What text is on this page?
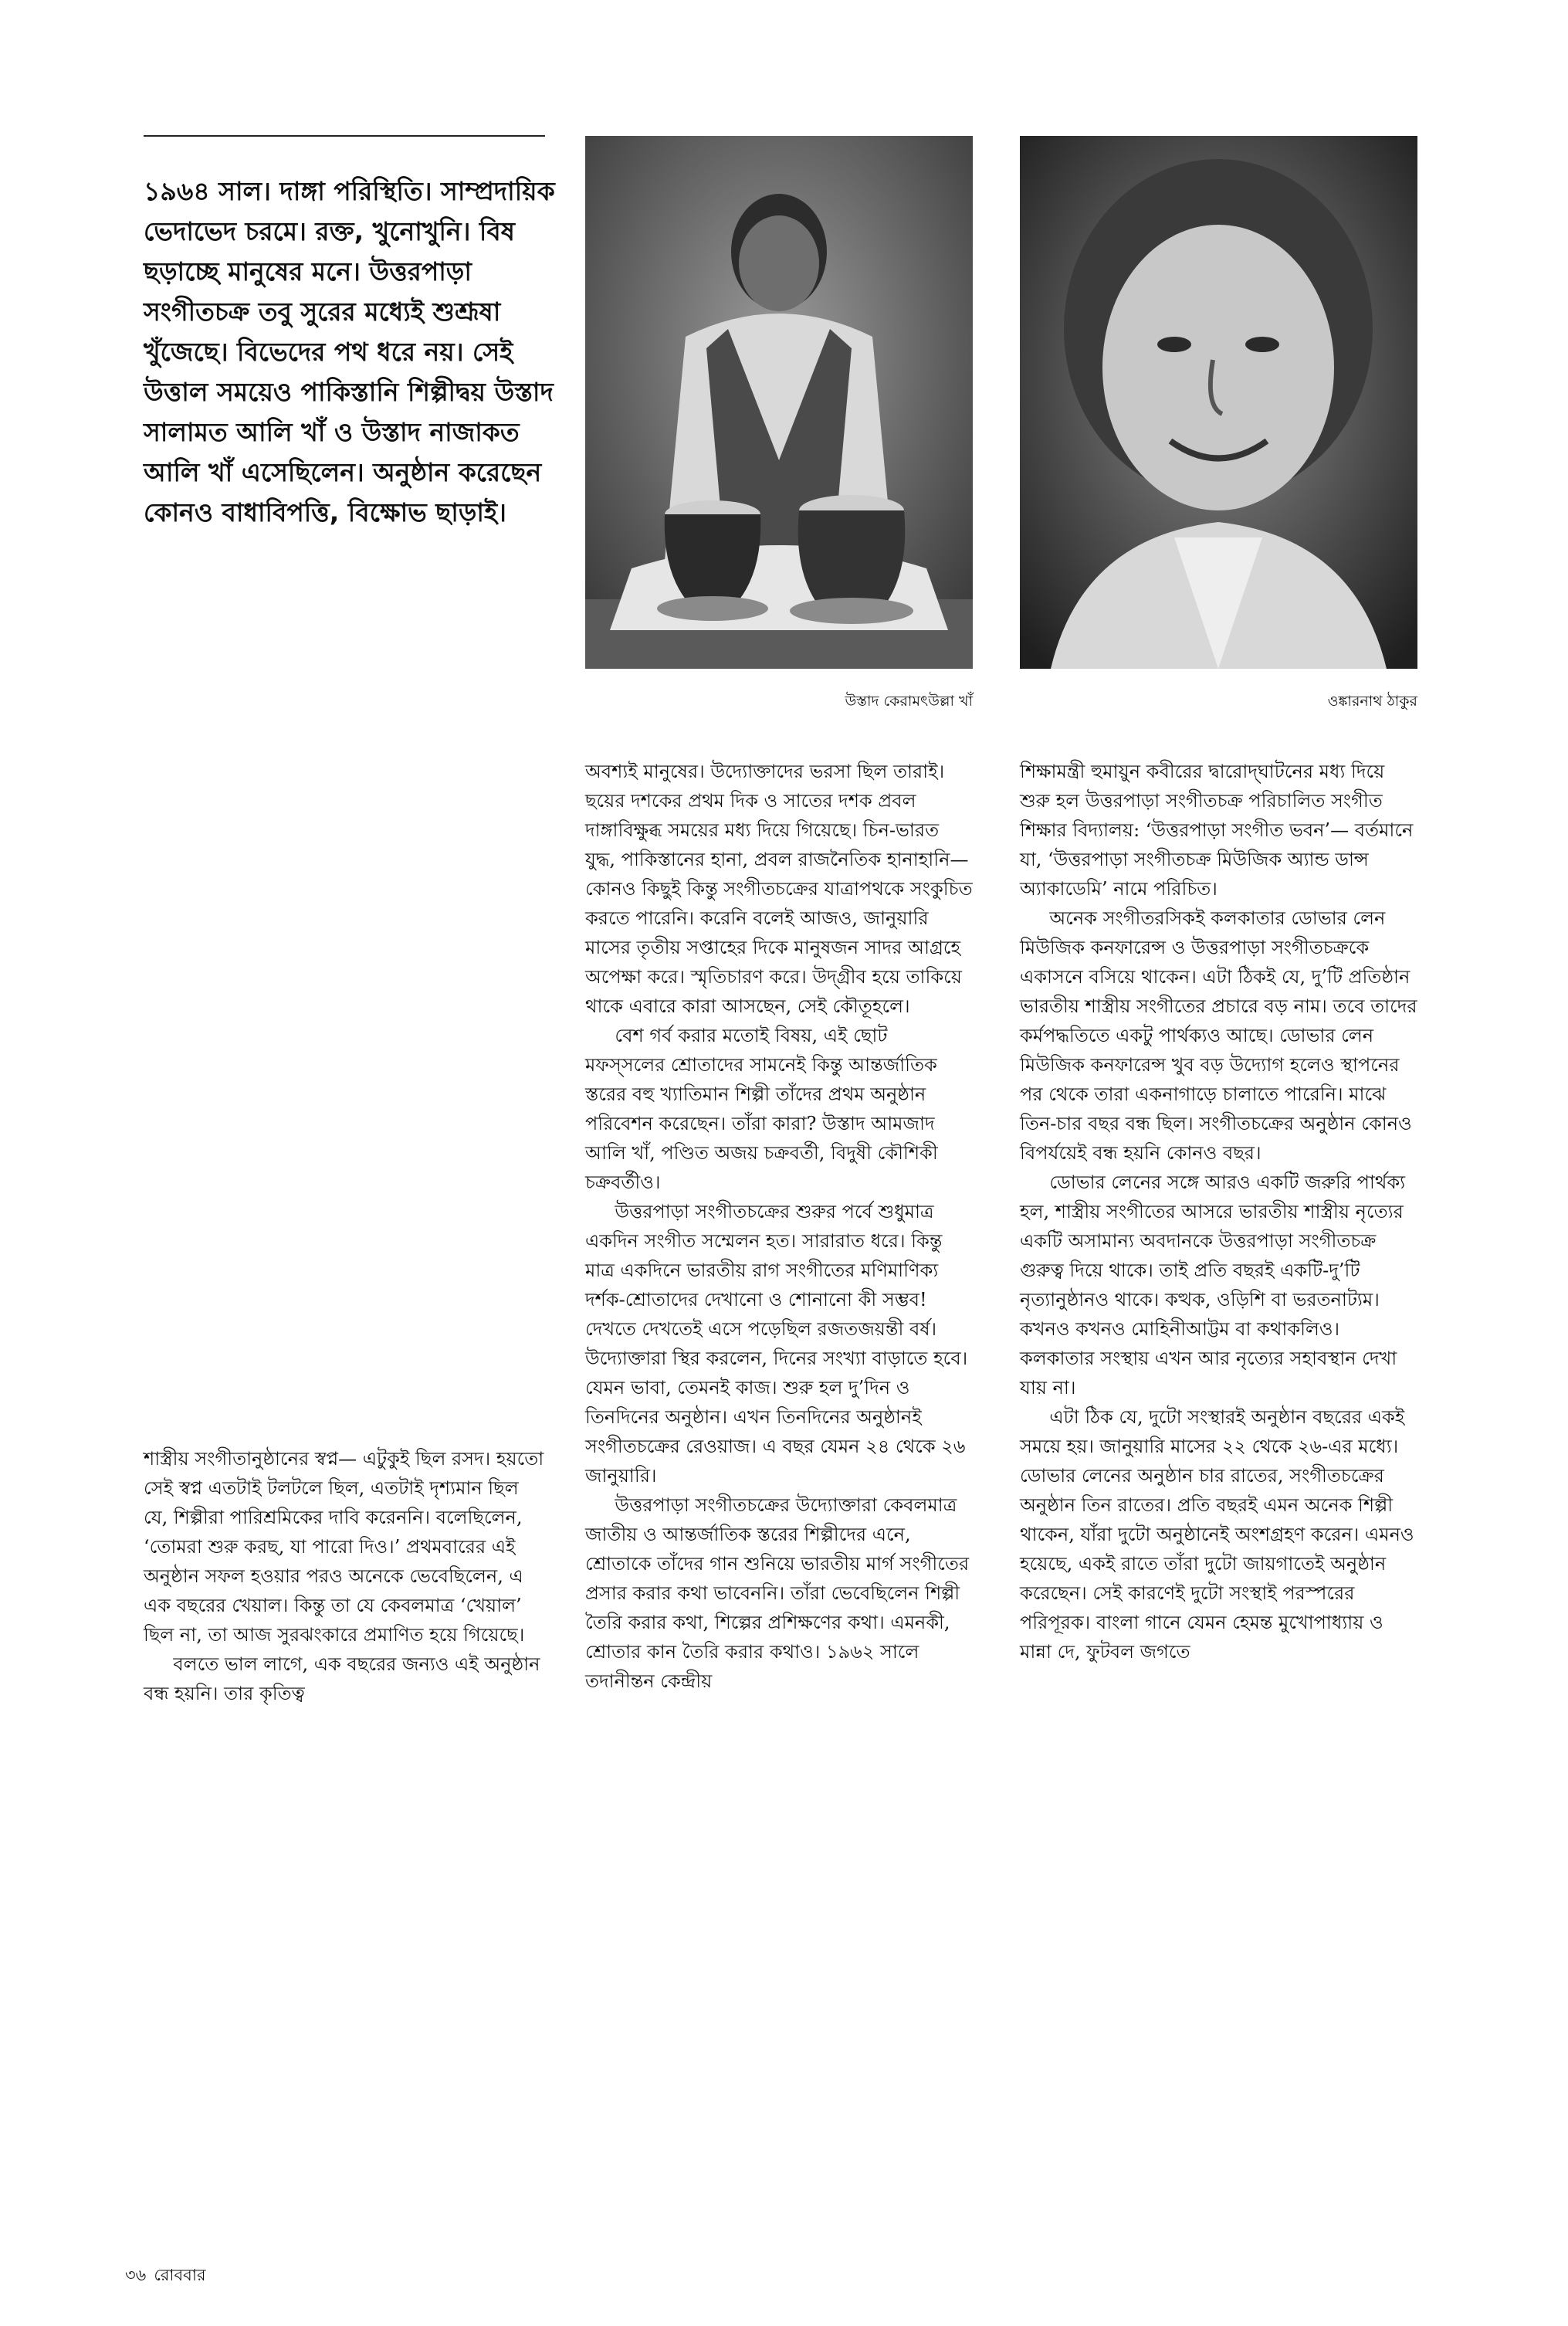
১৯৬৪ সাল। দাঙ্গা পরিস্থিতি। সাম্প্রদায়িক ভেদাভেদ চরমে। রক্ত, খুনোখুনি। বিষ ছড়াচ্ছে মানুষের মনে। উত্তরপাড়া সংগীতচক্র তবু সুরের মধ্যেই শুশ্রূষা খুঁজেছে। বিভেদের পথ ধরে নয়। সেই উত্তাল সময়েও পাকিস্তানি শিল্পীদ্বয় উস্তাদ সালামত আলি খাঁ ও উস্তাদ নাজাকত আলি খাঁ এসেছিলেন। অনুষ্ঠান করেছেন কোনও বাধাবিপত্তি, বিক্ষোভ ছাড়াই।

উস্তাদ কেরামৎউল্লা খাঁ	ওঙ্কারনাথ ঠাকুর

শাস্ত্রীয় সংগীতানুষ্ঠানের স্বপ্ন— এটুকুই ছিল রসদ। হয়তো সেই স্বপ্ন এতটাই টলটলে ছিল, এতটাই দৃশ্যমান ছিল যে, শিল্পীরা পারিশ্রমিকের দাবি করেননি। বলেছিলেন, ‘তোমরা শুরু করছ, যা পারো দিও।’ প্রথমবারের এই অনুষ্ঠান সফল হওয়ার পরও অনেকে ভেবেছিলেন, এ এক বছরের খেয়াল। কিন্তু তা যে কেবলমাত্র ‘খেয়াল’ ছিল না, তা আজ সুরঝংকারে প্রমাণিত হয়ে গিয়েছে।

বলতে ভাল লাগে, এক বছরের জন্যও এই অনুষ্ঠান বন্ধ হয়নি। তার কৃতিত্ব

অবশ্যই মানুষের। উদ্যোক্তাদের ভরসা ছিল তারাই। ছয়ের দশকের প্রথম দিক ও সাতের দশক প্রবল দাঙ্গাবিক্ষুব্ধ সময়ের মধ্য দিয়ে গিয়েছে। চিন-ভারত যুদ্ধ, পাকিস্তানের হানা, প্রবল রাজনৈতিক হানাহানি— কোনও কিছুই কিন্তু সংগীতচক্রের যাত্রাপথকে সংকুচিত করতে পারেনি। করেনি বলেই আজও, জানুয়ারি মাসের তৃতীয় সপ্তাহের দিকে মানুষজন সাদর আগ্রহে অপেক্ষা করে। স্মৃতিচারণ করে। উদ্গ্রীব হয়ে তাকিয়ে থাকে এবারে কারা আসছেন, সেই কৌতূহলে।

বেশ গর্ব করার মতোই বিষয়, এই ছোট মফস্সলের শ্রোতাদের সামনেই কিন্তু আন্তর্জাতিক স্তরের বহু খ্যাতিমান শিল্পী তাঁদের প্রথম অনুষ্ঠান পরিবেশন করেছেন। তাঁরা কারা? উস্তাদ আমজাদ আলি খাঁ, পণ্ডিত অজয় চক্রবর্তী, বিদুষী কৌশিকী চক্রবর্তীও।

উত্তরপাড়া সংগীতচক্রের শুরুর পর্বে শুধুমাত্র একদিন সংগীত সম্মেলন হত। সারারাত ধরে। কিন্তু মাত্র একদিনে ভারতীয় রাগ সংগীতের মণিমাণিক্য দর্শক-শ্রোতাদের দেখানো ও শোনানো কী সম্ভব! দেখতে দেখতেই এসে পড়েছিল রজতজয়ন্তী বর্ষ। উদ্যোক্তারা স্থির করলেন, দিনের সংখ্যা বাড়াতে হবে। যেমন ভাবা, তেমনই কাজ। শুরু হল দু’দিন ও তিনদিনের অনুষ্ঠান। এখন তিনদিনের অনুষ্ঠানই সংগীতচক্রের রেওয়াজ। এ বছর যেমন ২৪ থেকে ২৬ জানুয়ারি।

উত্তরপাড়া সংগীতচক্রের উদ্যোক্তারা কেবলমাত্র জাতীয় ও আন্তর্জাতিক স্তরের শিল্পীদের এনে, শ্রোতাকে তাঁদের গান শুনিয়ে ভারতীয় মার্গ সংগীতের প্রসার করার কথা ভাবেননি। তাঁরা ভেবেছিলেন শিল্পী তৈরি করার কথা, শিল্পের প্রশিক্ষণের কথা। এমনকী, শ্রোতার কান তৈরি করার কথাও। ১৯৬২ সালে তদানীন্তন কেন্দ্রীয়

শিক্ষামন্ত্রী হুমায়ুন কবীরের দ্বারোদ্‌ঘাটনের মধ্য দিয়ে শুরু হল উত্তরপাড়া সংগীতচক্র পরিচালিত সংগীত শিক্ষার বিদ্যালয়: ‘উত্তরপাড়া সংগীত ভবন’— বর্তমানে যা, ‘উত্তরপাড়া সংগীতচক্র মিউজিক অ্যান্ড ডান্স অ্যাকাডেমি’ নামে পরিচিত।

অনেক সংগীতরসিকই কলকাতার ডোভার লেন মিউজিক কনফারেন্স ও উত্তরপাড়া সংগীতচক্রকে একাসনে বসিয়ে থাকেন। এটা ঠিকই যে, দু’টি প্রতিষ্ঠান ভারতীয় শাস্ত্রীয় সংগীতের প্রচারে বড় নাম। তবে তাদের কর্মপদ্ধতিতে একটু পার্থক্যও আছে। ডোভার লেন মিউজিক কনফারেন্স খুব বড় উদ্যোগ হলেও স্থাপনের পর থেকে তারা একনাগাড়ে চালাতে পারেনি। মাঝে তিন-চার বছর বন্ধ ছিল। সংগীতচক্রের অনুষ্ঠান কোনও বিপর্যয়েই বন্ধ হয়নি কোনও বছর।

ডোভার লেনের সঙ্গে আরও একটি জরুরি পার্থক্য হল, শাস্ত্রীয় সংগীতের আসরে ভারতীয় শাস্ত্রীয় নৃত্যের একটি অসামান্য অবদানকে উত্তরপাড়া সংগীতচক্র গুরুত্ব দিয়ে থাকে। তাই প্রতি বছরই একটি-দু’টি নৃত্যানুষ্ঠানও থাকে। কত্থক, ওড়িশি বা ভরতনাট্যম। কখনও কখনও মোহিনীআট্টম বা কথাকলিও। কলকাতার সংস্থায় এখন আর নৃত্যের সহাবস্থান দেখা যায় না।

এটা ঠিক যে, দুটো সংস্থারই অনুষ্ঠান বছরের একই সময়ে হয়। জানুয়ারি মাসের ২২ থেকে ২৬-এর মধ্যে। ডোভার লেনের অনুষ্ঠান চার রাতের, সংগীতচক্রের অনুষ্ঠান তিন রাতের। প্রতি বছরই এমন অনেক শিল্পী থাকেন, যাঁরা দুটো অনুষ্ঠানেই অংশগ্রহণ করেন। এমনও হয়েছে, একই রাতে তাঁরা দুটো জায়গাতেই অনুষ্ঠান করেছেন। সেই কারণেই দুটো সংস্থাই পরস্পরের পরিপূরক। বাংলা গানে যেমন হেমন্ত মুখোপাধ্যায় ও মান্না দে, ফুটবল জগতে

৩৬ রোববার
